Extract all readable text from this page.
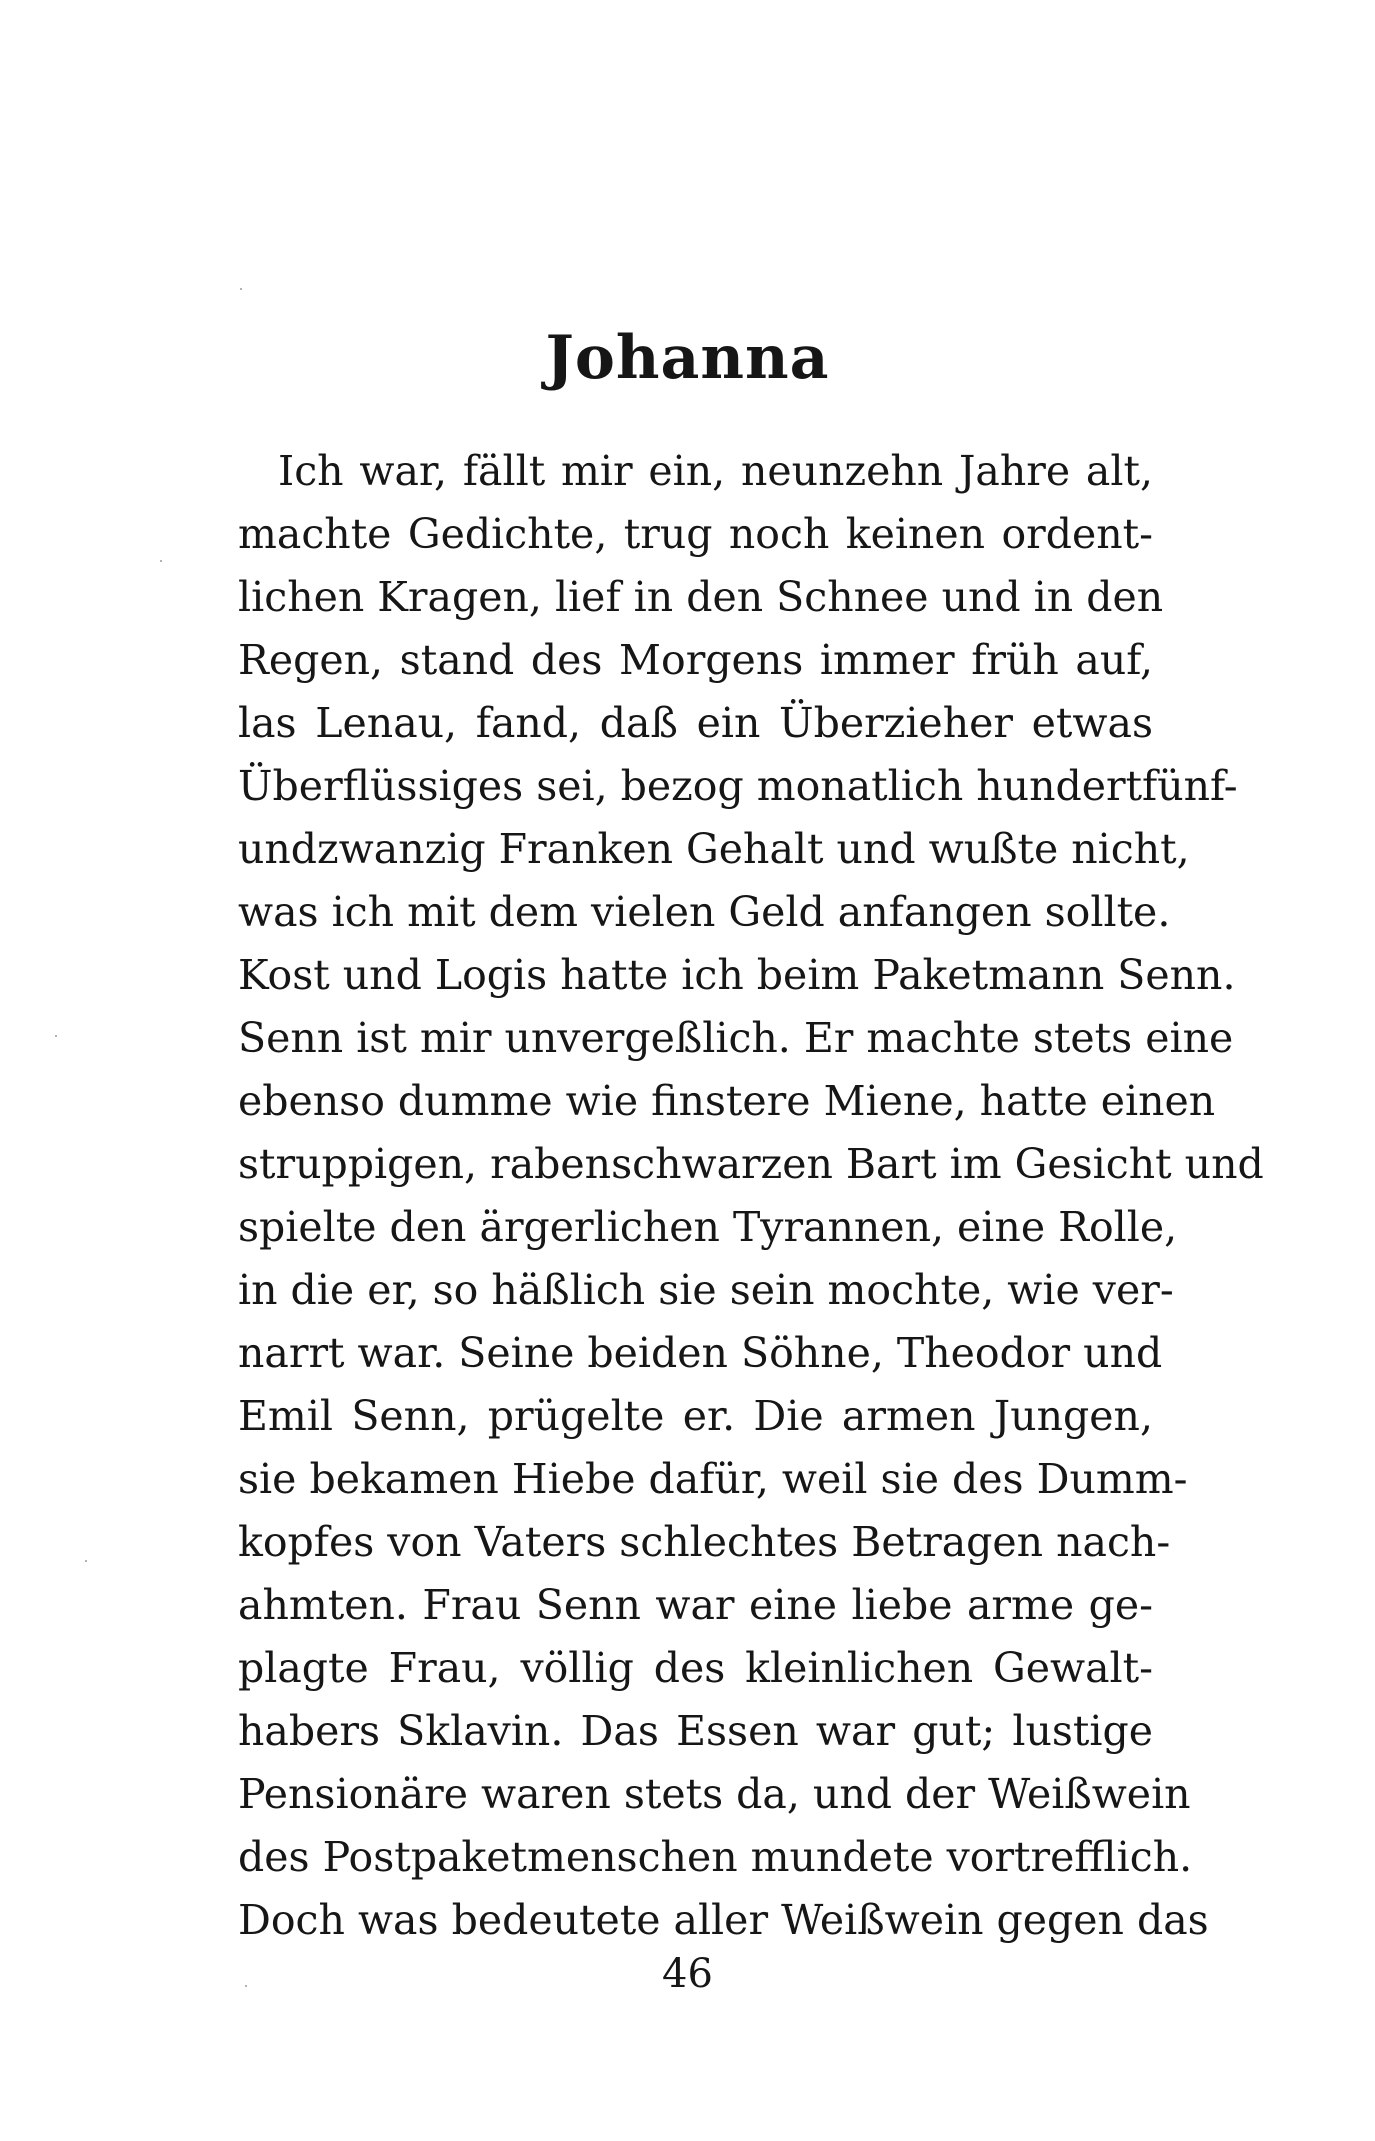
Johanna
Ich war, fällt mir ein, neunzehn Jahre alt,
machte Gedichte, trug noch keinen ordent-
lichen Kragen, lief in den Schnee und in den
Regen, stand des Morgens immer früh auf,
las Lenau, fand, daß ein Überzieher etwas
Überflüssiges sei, bezog monatlich hundertfünf-
undzwanzig Franken Gehalt und wußte nicht,
was ich mit dem vielen Geld anfangen sollte.
Kost und Logis hatte ich beim Paketmann Senn.
Senn ist mir unvergeßlich. Er machte stets eine
ebenso dumme wie finstere Miene, hatte einen
struppigen, rabenschwarzen Bart im Gesicht und
spielte den ärgerlichen Tyrannen, eine Rolle,
in die er, so häßlich sie sein mochte, wie ver-
narrt war. Seine beiden Söhne, Theodor und
Emil Senn, prügelte er. Die armen Jungen,
sie bekamen Hiebe dafür, weil sie des Dumm-
kopfes von Vaters schlechtes Betragen nach-
ahmten. Frau Senn war eine liebe arme ge-
plagte Frau, völlig des kleinlichen Gewalt-
habers Sklavin. Das Essen war gut; lustige
Pensionäre waren stets da, und der Weißwein
des Postpaketmenschen mundete vortrefflich.
Doch was bedeutete aller Weißwein gegen das
46
